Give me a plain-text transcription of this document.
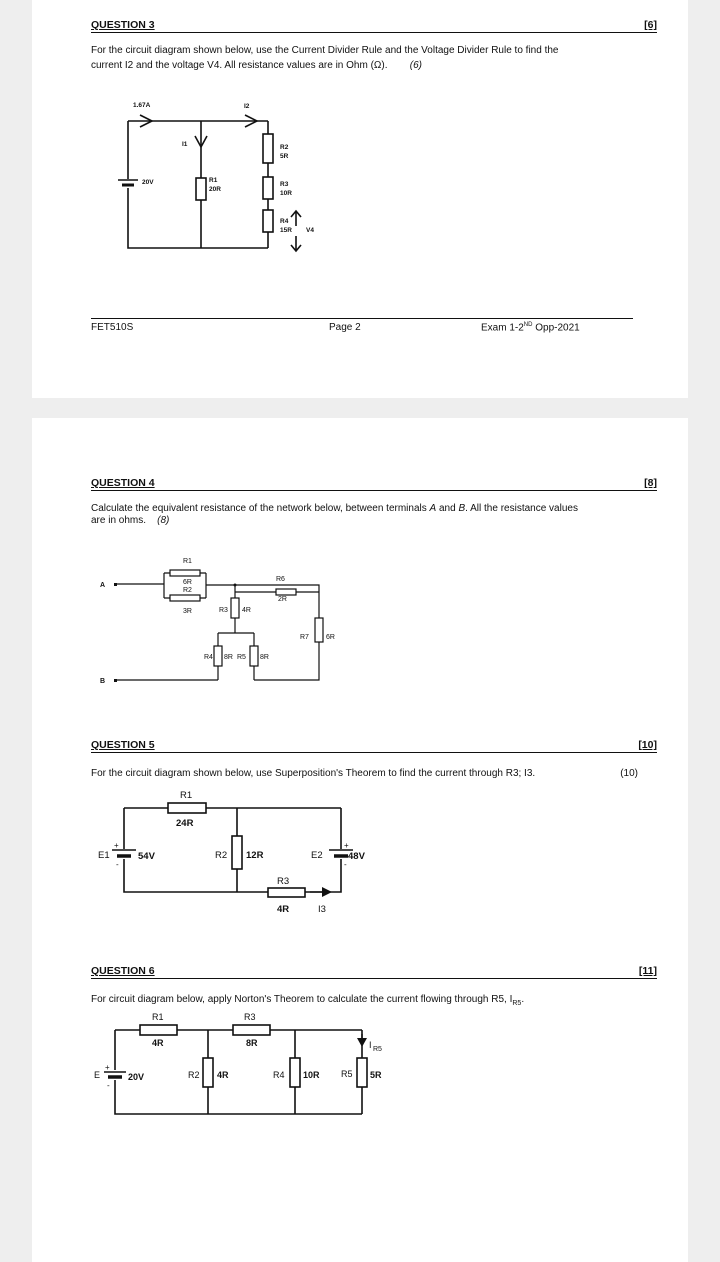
QUESTION 3	[6]
For the circuit diagram shown below, use the Current Divider Rule and the Voltage Divider Rule to find the
current I2 and the voltage V4. All resistance values are in Ohm (Ω). (6)
1.67A	I2
I1
20V	R1
20R
R2
5R
R3
10R
R4
15R V4
FET510S	Page 2	Exam 1-2ND Opp-2021
QUESTION 4	[8]
Calculate the equivalent resistance of the network below, between terminals A and B. All the resistance values
are in ohms. (8)
A
B
R1
6R
R2
3R	R3 4R
R6
2R
R7 6R
R4 8R R5 8R
QUESTION 5	[10]
For the circuit diagram shown below, use Superposition's Theorem to find the current through R3; I3.	(10)
R1
24R
R2 12R
R3
4R	I3
E1	54V	E2	48V
+
-
+
-
QUESTION 6	[11]
For circuit diagram below, apply Norton's Theorem to calculate the current flowing through R5, $I_{R5}$.
R1
4R
R3
8R
R2 4R	R4 10R R5 5R
E	20V
+
-
I R5
